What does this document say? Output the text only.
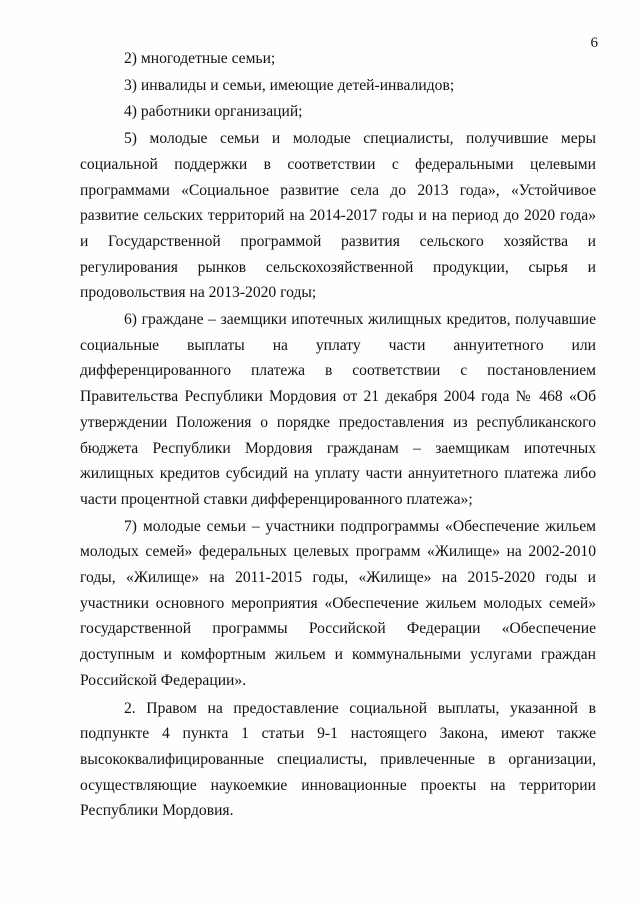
6

2) многодетные семьи;

3) инвалиды и семьи, имеющие детей-инвалидов;

4) работники организаций;

5) молодые семьи и молодые специалисты, получившие меры социальной поддержки в соответствии с федеральными целевыми программами «Социальное развитие села до 2013 года», «Устойчивое развитие сельских территорий на 2014-2017 годы и на период до 2020 года» и Государственной программой развития сельского хозяйства и регулирования рынков сельскохозяйственной продукции, сырья и продовольствия на 2013-2020 годы;

6) граждане – заемщики ипотечных жилищных кредитов, получавшие социальные выплаты на уплату части аннуитетного или дифференцированного платежа в соответствии с постановлением Правительства Республики Мордовия от 21 декабря 2004 года № 468 «Об утверждении Положения о порядке предоставления из республиканского бюджета Республики Мордовия гражданам – заемщикам ипотечных жилищных кредитов субсидий на уплату части аннуитетного платежа либо части процентной ставки дифференцированного платежа»;

7) молодые семьи – участники подпрограммы «Обеспечение жильем молодых семей» федеральных целевых программ «Жилище» на 2002-2010 годы, «Жилище» на 2011-2015 годы, «Жилище» на 2015-2020 годы и участники основного мероприятия «Обеспечение жильем молодых семей» государственной программы Российской Федерации «Обеспечение доступным и комфортным жильем и коммунальными услугами граждан Российской Федерации».

2. Правом на предоставление социальной выплаты, указанной в подпункте 4 пункта 1 статьи 9-1 настоящего Закона, имеют также высококвалифицированные специалисты, привлеченные в организации, осуществляющие наукоемкие инновационные проекты на территории Республики Мордовия.
